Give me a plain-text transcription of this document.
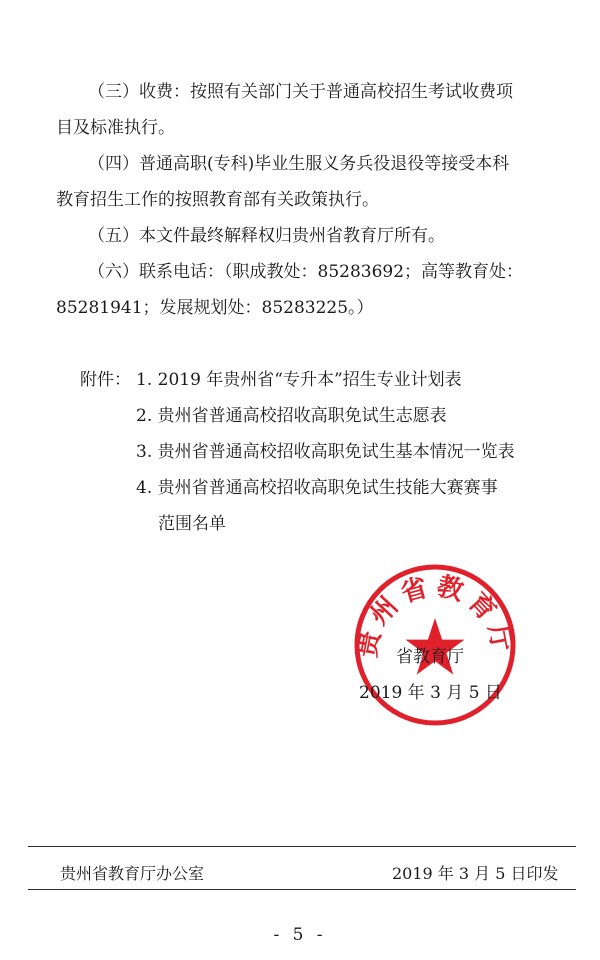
（三）收费：按照有关部门关于普通高校招生考试收费项

目及标准执行。

（四）普通高职(专科)毕业生服义务兵役退役等接受本科

教育招生工作的按照教育部有关政策执行。

（五）本文件最终解释权归贵州省教育厅所有。

（六）联系电话：（职成教处：85283692；高等教育处：

85281941；发展规划处：85283225。）

附件： 1. 2019 年贵州省“专升本”招生专业计划表

2. 贵州省普通高校招收高职免试生志愿表

3. 贵州省普通高校招收高职免试生基本情况一览表

4. 贵州省普通高校招收高职免试生技能大赛赛事

范围名单

贵州省教育厅
省教育厅
2019 年 3 月 5 日
贵州省教育厅办公室	2019 年 3 月 5 日印发
- 5 -
